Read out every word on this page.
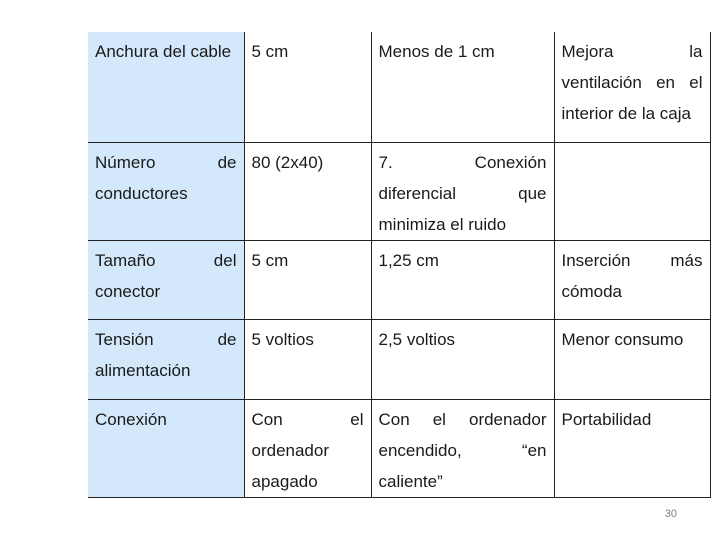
Anchura del cable	5 cm	Menos de 1 cm	Mejora la ventilación en el interior de la caja
Número de conductores	80 (2x40)	7. Conexión diferencial que minimiza el ruido	
Tamaño del conector	5 cm	1,25 cm	Inserción más cómoda
Tensión de alimentación	5 voltios	2,5 voltios	Menor consumo
Conexión	Con el ordenador apagado	Con el ordenador encendido, “en caliente”	Portabilidad
30
